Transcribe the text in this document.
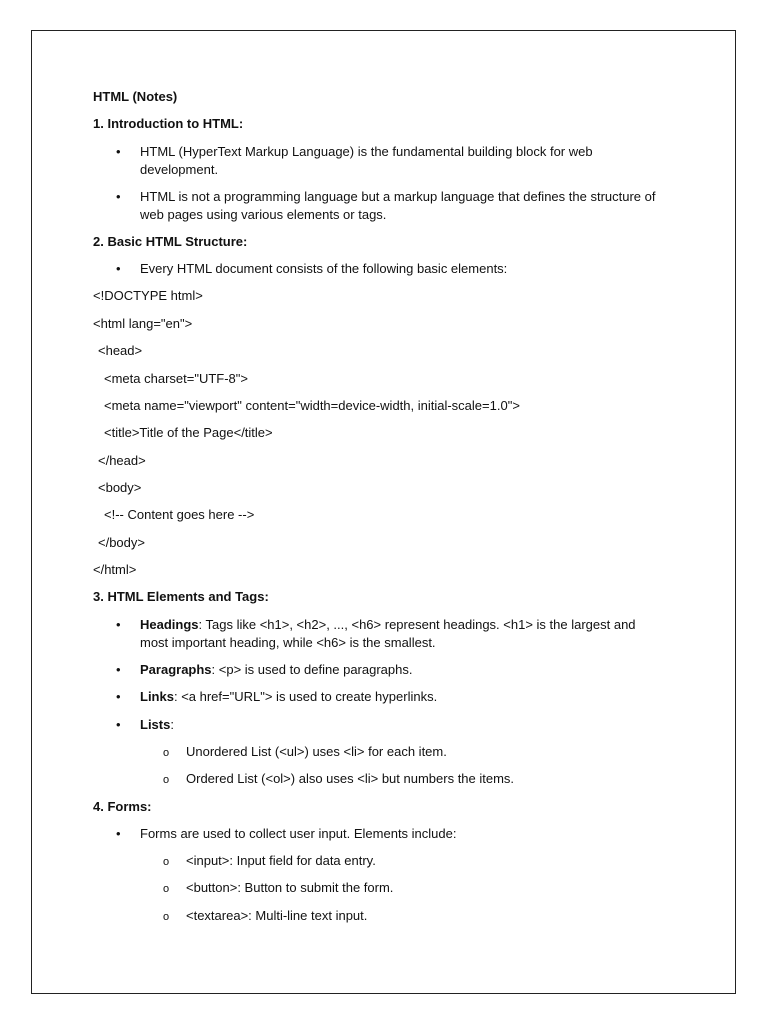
HTML (Notes)
1. Introduction to HTML:
• HTML (HyperText Markup Language) is the fundamental building block for web development.
• HTML is not a programming language but a markup language that defines the structure of web pages using various elements or tags.
2. Basic HTML Structure:
• Every HTML document consists of the following basic elements:
<!DOCTYPE html>
<html lang="en">
<head>
<meta charset="UTF-8">
<meta name="viewport" content="width=device-width, initial-scale=1.0">
<title>Title of the Page</title>
</head>
<body>
<!-- Content goes here -->
</body>
</html>
3. HTML Elements and Tags:
• Headings: Tags like <h1>, <h2>, ..., <h6> represent headings. <h1> is the largest and most important heading, while <h6> is the smallest.
• Paragraphs: <p> is used to define paragraphs.
• Links: <a href="URL"> is used to create hyperlinks.
• Lists:
o Unordered List (<ul>) uses <li> for each item.
o Ordered List (<ol>) also uses <li> but numbers the items.
4. Forms:
• Forms are used to collect user input. Elements include:
o <input>: Input field for data entry.
o <button>: Button to submit the form.
o <textarea>: Multi-line text input.
